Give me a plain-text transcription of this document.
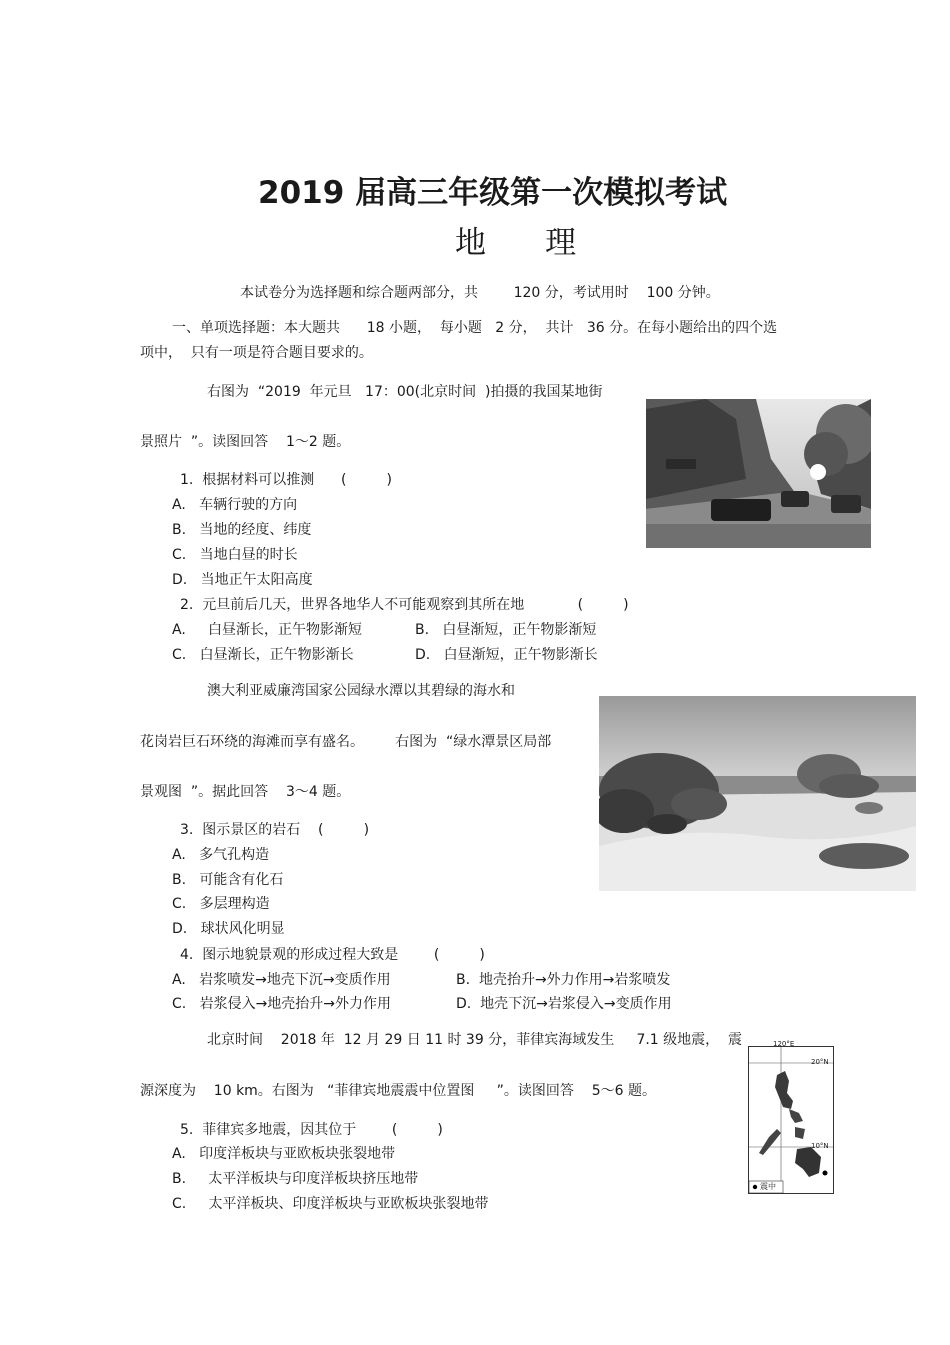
2019 届高三年级第一次模拟考试
地      理
本试卷分为选择题和综合题两部分，共        120 分，考试用时    100 分钟。
一、单项选择题：本大题共      18 小题，  每小题   2 分，  共计   36 分。在每小题给出的四个选
项中，  只有一项是符合题目要求的。
右图为  “2019  年元旦   17：00(北京时间  )拍摄的我国某地街
景照片  ”。读图回答    1～2 题。
1.  根据材料可以推测      (         )
A.   车辆行驶的方向
B.   当地的经度、纬度
C.   当地白昼的时长
D.   当地正午太阳高度
2.  元旦前后几天，世界各地华人不可能观察到其所在地            (         )
A.     白昼渐长，正午物影渐短	B.   白昼渐短，正午物影渐短
C.   白昼渐长，正午物影渐长	D.   白昼渐短，正午物影渐长
澳大利亚威廉湾国家公园绿水潭以其碧绿的海水和
花岗岩巨石环绕的海滩而享有盛名。       右图为  “绿水潭景区局部
景观图  ”。据此回答    3～4 题。
3.  图示景区的岩石    (         )
A.   多气孔构造
B.   可能含有化石
C.   多层理构造
D.   球状风化明显
4.  图示地貌景观的形成过程大致是        (         )
A.   岩浆喷发→地壳下沉→变质作用	B.  地壳抬升→外力作用→岩浆喷发
C.   岩浆侵入→地壳抬升→外力作用	D.  地壳下沉→岩浆侵入→变质作用
北京时间    2018 年  12 月 29 日 11 时 39 分，菲律宾海域发生     7.1 级地震，  震
源深度为    10 km。右图为   “菲律宾地震震中位置图     ”。读图回答    5～6 题。
120°E
20°N
10°N
震中
5.  菲律宾多地震，因其位于        (         )
A.   印度洋板块与亚欧板块张裂地带
B.     太平洋板块与印度洋板块挤压地带
C.     太平洋板块、印度洋板块与亚欧板块张裂地带
